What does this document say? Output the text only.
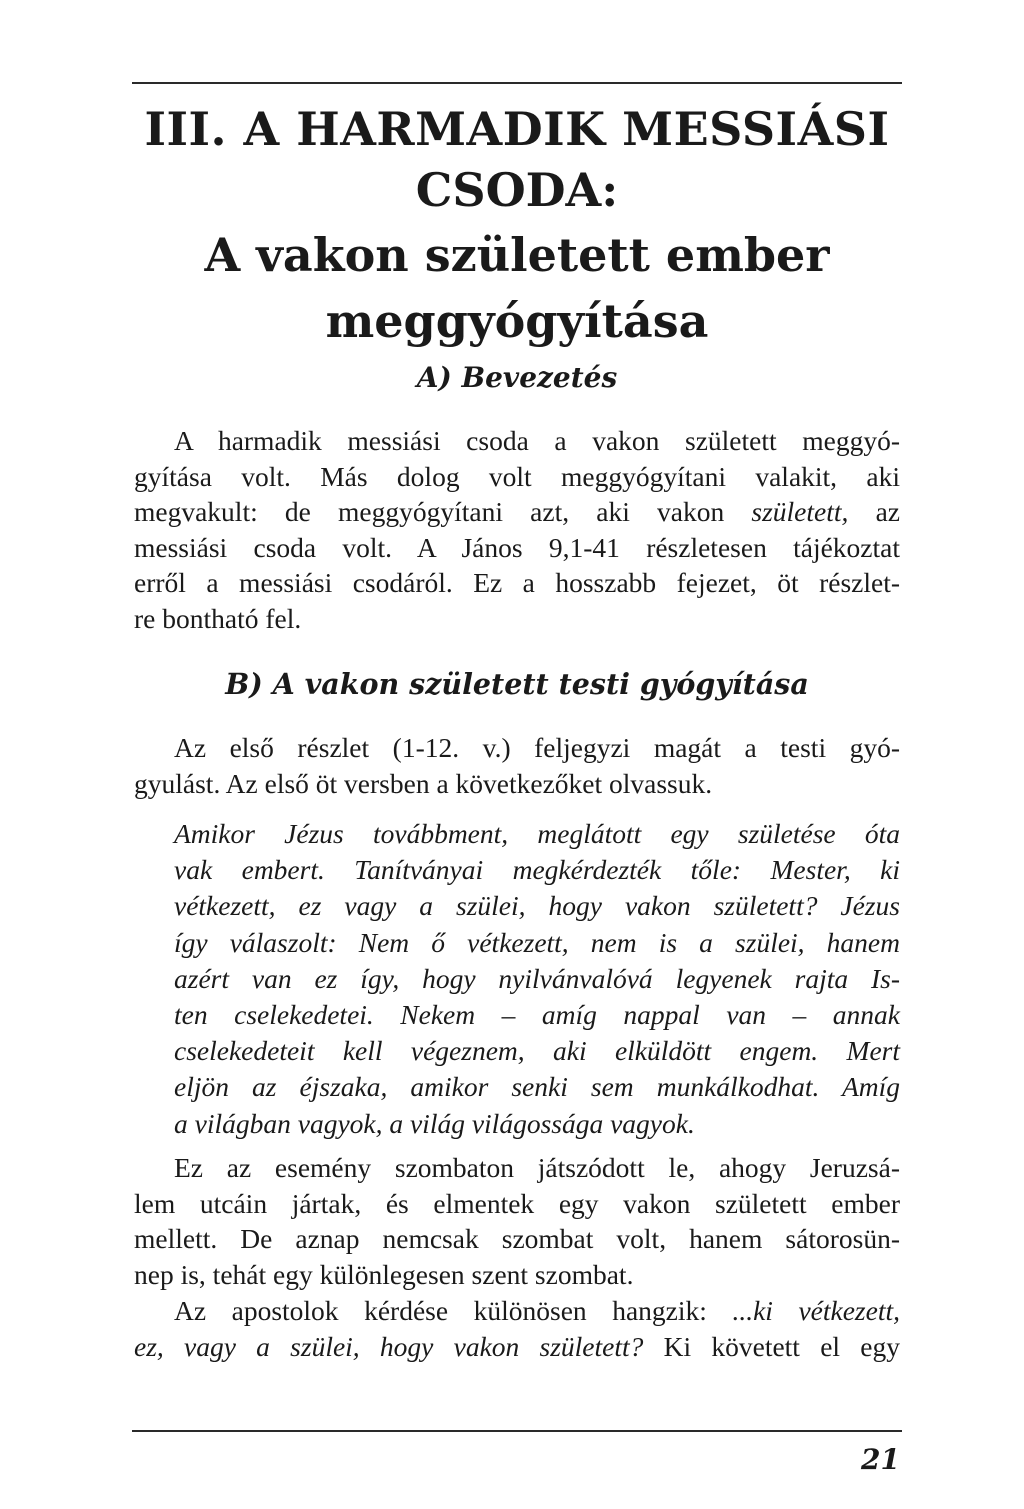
III. A HARMADIK MESSIÁSI
CSODA:
A vakon született ember
meggyógyítása
A) Bevezetés
A harmadik messiási csoda a vakon született meggyó-
gyítása volt. Más dolog volt meggyógyítani valakit, aki
megvakult: de meggyógyítani azt, aki vakon született, az
messiási csoda volt. A János 9,1-41 részletesen tájékoztat
erről a messiási csodáról. Ez a hosszabb fejezet, öt részlet-
re bontható fel.
B) A vakon született testi gyógyítása
Az első részlet (1-12. v.) feljegyzi magát a testi gyó-
gyulást. Az első öt versben a következőket olvassuk.
Amikor Jézus továbbment, meglátott egy születése óta
vak embert. Tanítványai megkérdezték tőle: Mester, ki
vétkezett, ez vagy a szülei, hogy vakon született? Jézus
így válaszolt: Nem ő vétkezett, nem is a szülei, hanem
azért van ez így, hogy nyilvánvalóvá legyenek rajta Is-
ten cselekedetei. Nekem – amíg nappal van – annak
cselekedeteit kell végeznem, aki elküldött engem. Mert
eljön az éjszaka, amikor senki sem munkálkodhat. Amíg
a világban vagyok, a világ világossága vagyok.
Ez az esemény szombaton játszódott le, ahogy Jeruzsá-
lem utcáin jártak, és elmentek egy vakon született ember
mellett. De aznap nemcsak szombat volt, hanem sátorosün-
nep is, tehát egy különlegesen szent szombat.
Az apostolok kérdése különösen hangzik: ...ki vétkezett,
ez, vagy a szülei, hogy vakon született? Ki követett el egy
21
